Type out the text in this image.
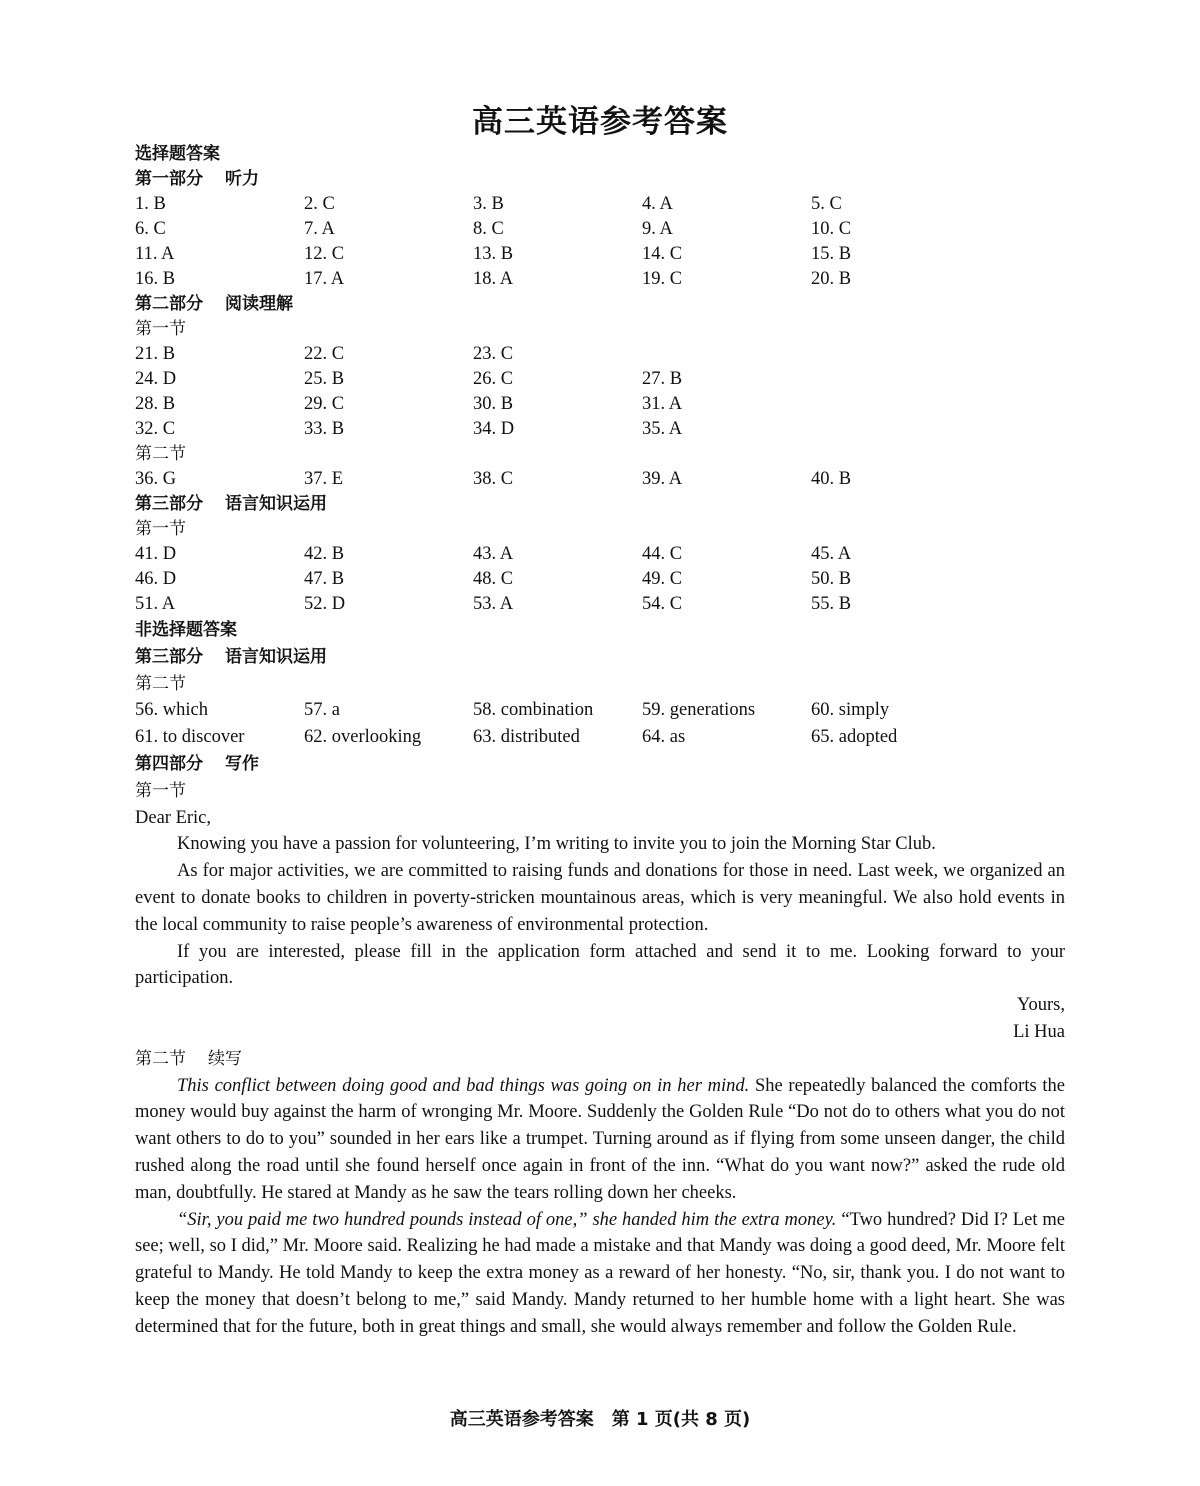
高三英语参考答案
选择题答案
第一部分 听力
1. B	2. C	3. B	4. A	5. C
6. C	7. A	8. C	9. A	10. C
11. A	12. C	13. B	14. C	15. B
16. B	17. A	18. A	19. C	20. B
第二部分 阅读理解
第一节
21. B	22. C	23. C
24. D	25. B	26. C	27. B
28. B	29. C	30. B	31. A
32. C	33. B	34. D	35. A
第二节
36. G	37. E	38. C	39. A	40. B
第三部分 语言知识运用
第一节
41. D	42. B	43. A	44. C	45. A
46. D	47. B	48. C	49. C	50. B
51. A	52. D	53. A	54. C	55. B
非选择题答案
第三部分 语言知识运用
第二节
56. which	57. a	58. combination	59. generations	60. simply
61. to discover	62. overlooking	63. distributed	64. as	65. adopted
第四部分 写作
第一节
Dear Eric,
Knowing you have a passion for volunteering, I’m writing to invite you to join the Morning Star Club.
As for major activities, we are committed to raising funds and donations for those in need. Last week, we organized an event to donate books to children in poverty-stricken mountainous areas, which is very meaningful. We also hold events in the local community to raise people’s awareness of environmental protection.
If you are interested, please fill in the application form attached and send it to me. Looking forward to your participation.
Yours,
Li Hua
第二节 续写
This conflict between doing good and bad things was going on in her mind. She repeatedly balanced the comforts the money would buy against the harm of wronging Mr. Moore. Suddenly the Golden Rule “Do not do to others what you do not want others to do to you” sounded in her ears like a trumpet. Turning around as if flying from some unseen danger, the child rushed along the road until she found herself once again in front of the inn. “What do you want now?” asked the rude old man, doubtfully. He stared at Mandy as he saw the tears rolling down her cheeks.
“Sir, you paid me two hundred pounds instead of one,” she handed him the extra money. “Two hundred? Did I? Let me see; well, so I did,” Mr. Moore said. Realizing he had made a mistake and that Mandy was doing a good deed, Mr. Moore felt grateful to Mandy. He told Mandy to keep the extra money as a reward of her honesty. “No, sir, thank you. I do not want to keep the money that doesn’t belong to me,” said Mandy. Mandy returned to her humble home with a light heart. She was determined that for the future, both in great things and small, she would always remember and follow the Golden Rule.
高三英语参考答案　第 1 页(共 8 页)
